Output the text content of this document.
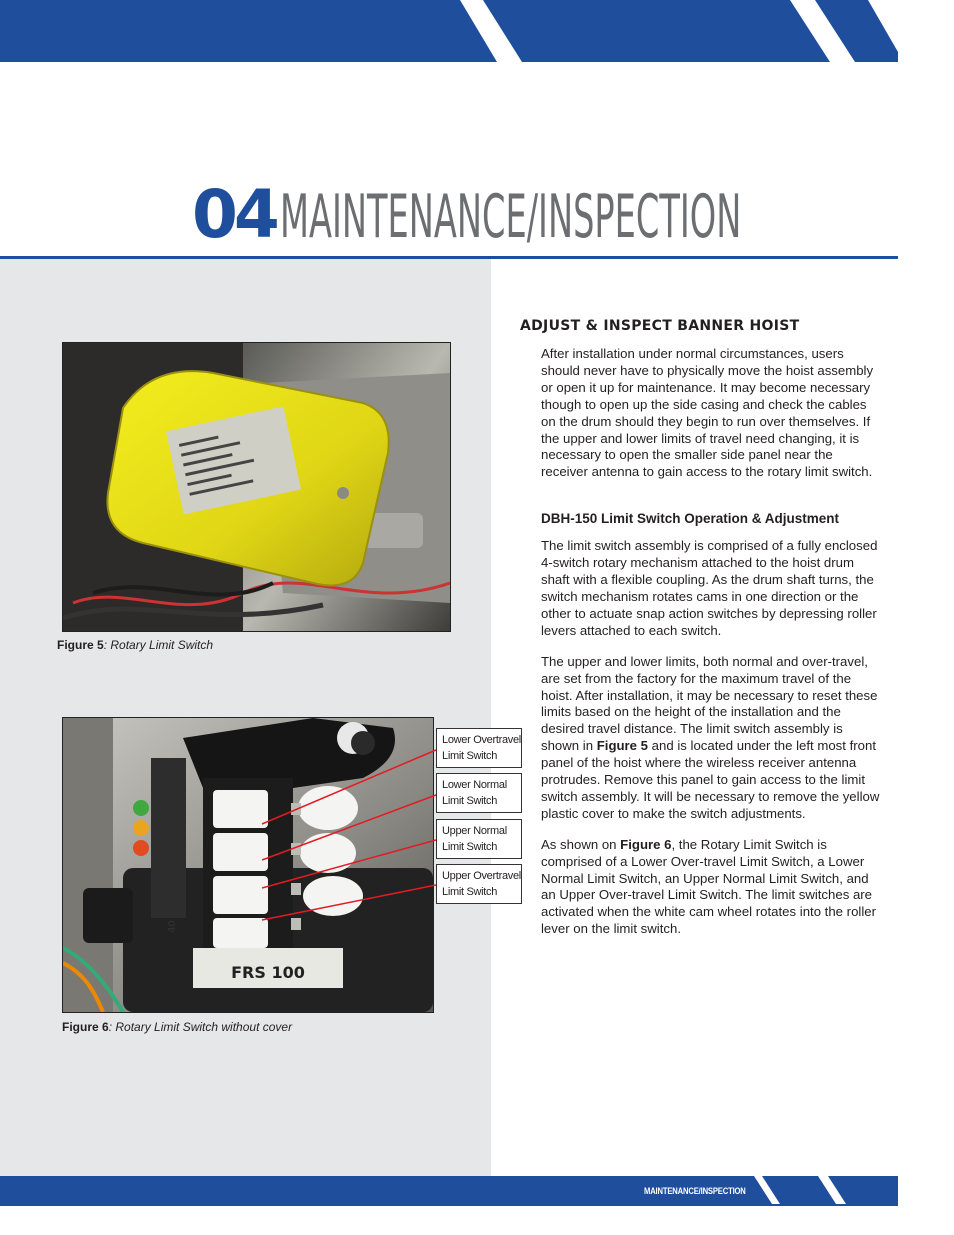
04MAINTENANCE/INSPECTION
Figure 5: Rotary Limit Switch
FRS 100
40
Figure 6: Rotary Limit Switch without cover
Lower Overtravel
Limit Switch
Lower Normal
Limit Switch
Upper Normal
Limit Switch
Upper Overtravel
Limit Switch
ADJUST & INSPECT BANNER HOIST

After installation under normal circumstances, users should never have to physically move the hoist assembly or open it up for maintenance. It may become necessary though to open up the side casing and check the cables on the drum should they begin to run over themselves. If the upper and lower limits of travel need changing, it is necessary to open the smaller side panel near the receiver antenna to gain access to the rotary limit switch.

DBH-150 Limit Switch Operation & Adjustment

The limit switch assembly is comprised of a fully enclosed 4-switch rotary mechanism attached to the hoist drum shaft with a flexible coupling. As the drum shaft turns, the switch mechanism rotates cams in one direction or the other to actuate snap action switches by depressing roller levers attached to each switch.

The upper and lower limits, both normal and over-travel, are set from the factory for the maximum travel of the hoist. After installation, it may be necessary to reset these limits based on the height of the installation and the desired travel distance. The limit switch assembly is shown in Figure 5 and is located under the left most front panel of the hoist where the wireless receiver antenna protrudes. Remove this panel to gain access to the limit switch assembly. It will be necessary to remove the yellow plastic cover to make the switch adjustments.

As shown on Figure 6, the Rotary Limit Switch is comprised of a Lower Over-travel Limit Switch, a Lower Normal Limit Switch, an Upper Normal Limit Switch, and an Upper Over-travel Limit Switch. The limit switches are activated when the white cam wheel rotates into the roller lever on the limit switch.

MAINTENANCE/INSPECTION	7
